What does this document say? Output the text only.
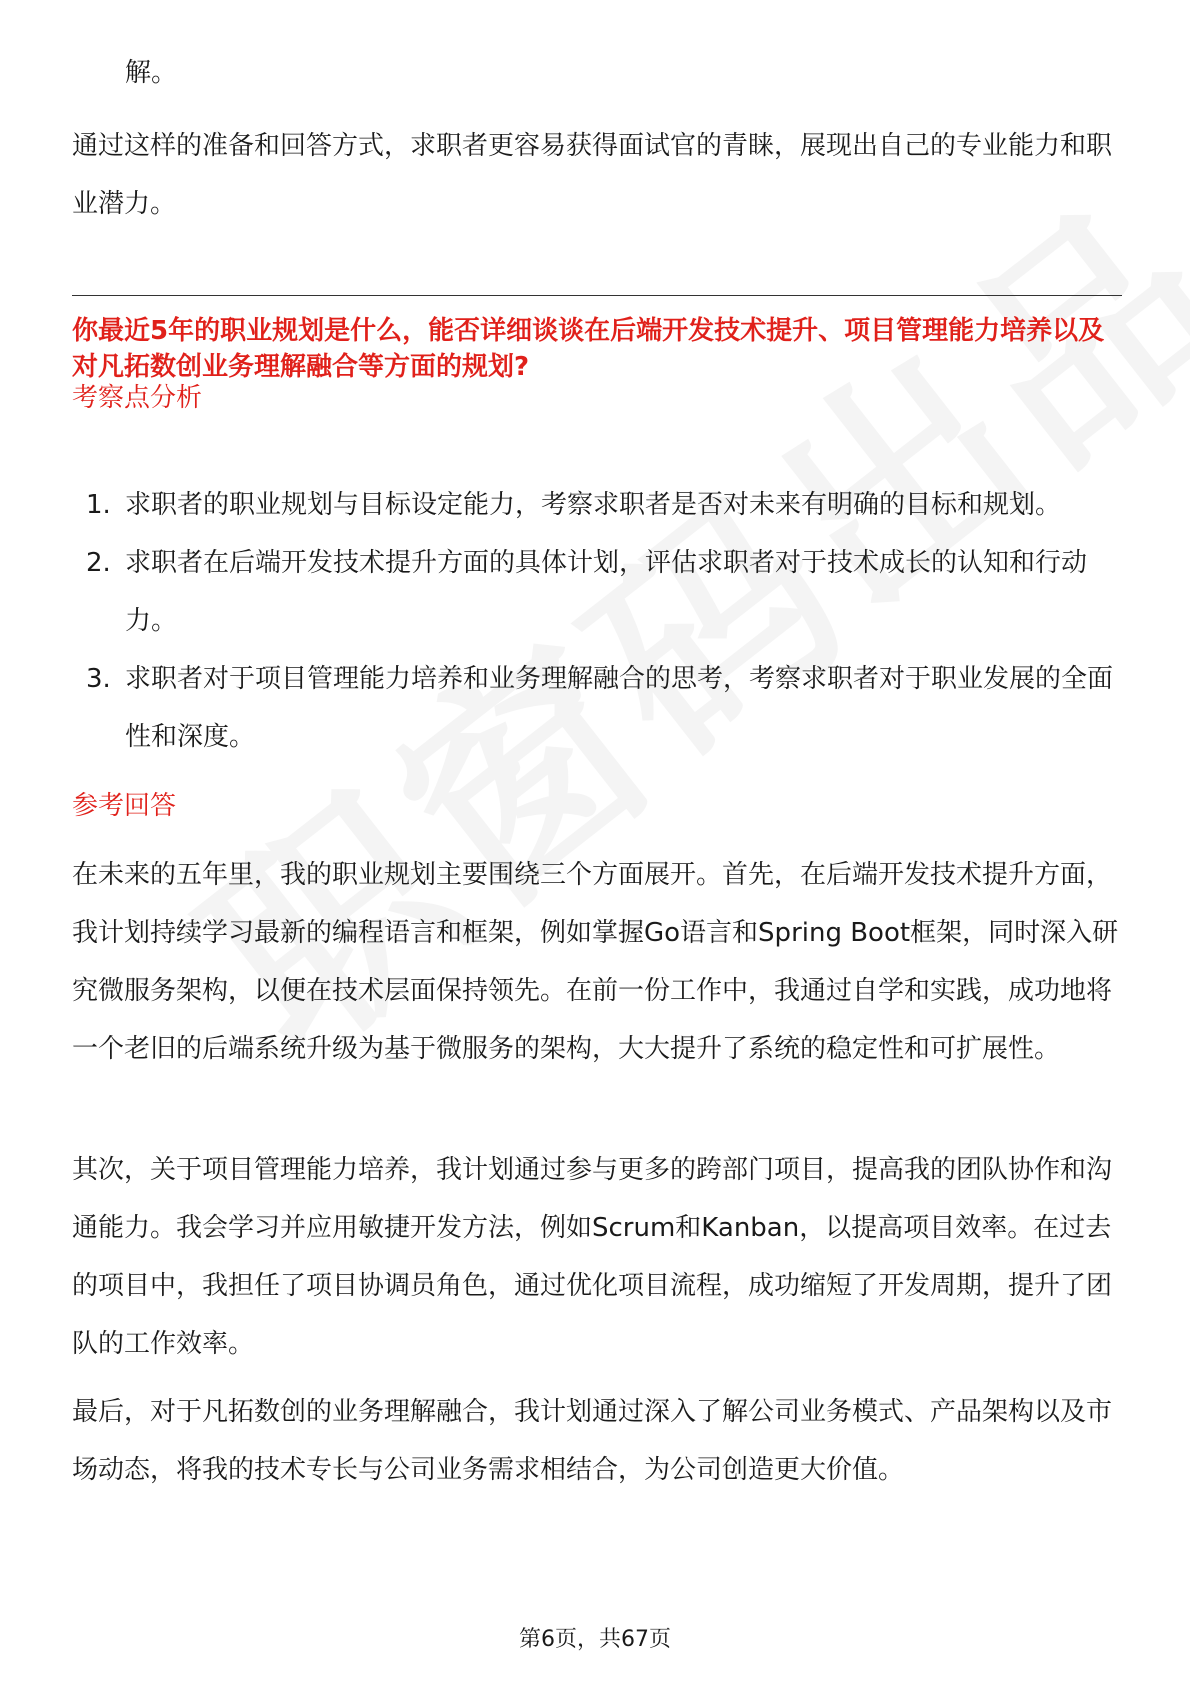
解。

通过这样的准备和回答方式，求职者更容易获得面试官的青睐，展现出自己的专业能力和职业潜力。

你最近5年的职业规划是什么，能否详细谈谈在后端开发技术提升、项目管理能力培养以及对凡拓数创业务理解融合等方面的规划?

考察点分析

1. 求职者的职业规划与目标设定能力，考察求职者是否对未来有明确的目标和规划。
2. 求职者在后端开发技术提升方面的具体计划，评估求职者对于技术成长的认知和行动力。
3. 求职者对于项目管理能力培养和业务理解融合的思考，考察求职者对于职业发展的全面性和深度。

参考回答

在未来的五年里，我的职业规划主要围绕三个方面展开。首先，在后端开发技术提升方面，我计划持续学习最新的编程语言和框架，例如掌握Go语言和Spring Boot框架，同时深入研究微服务架构，以便在技术层面保持领先。在前一份工作中，我通过自学和实践，成功地将一个老旧的后端系统升级为基于微服务的架构，大大提升了系统的稳定性和可扩展性。

其次，关于项目管理能力培养，我计划通过参与更多的跨部门项目，提高我的团队协作和沟通能力。我会学习并应用敏捷开发方法，例如Scrum和Kanban，以提高项目效率。在过去的项目中，我担任了项目协调员角色，通过优化项目流程，成功缩短了开发周期，提升了团队的工作效率。

最后，对于凡拓数创的业务理解融合，我计划通过深入了解公司业务模式、产品架构以及市场动态，将我的技术专长与公司业务需求相结合，为公司创造更大价值。

第6页，共67页
